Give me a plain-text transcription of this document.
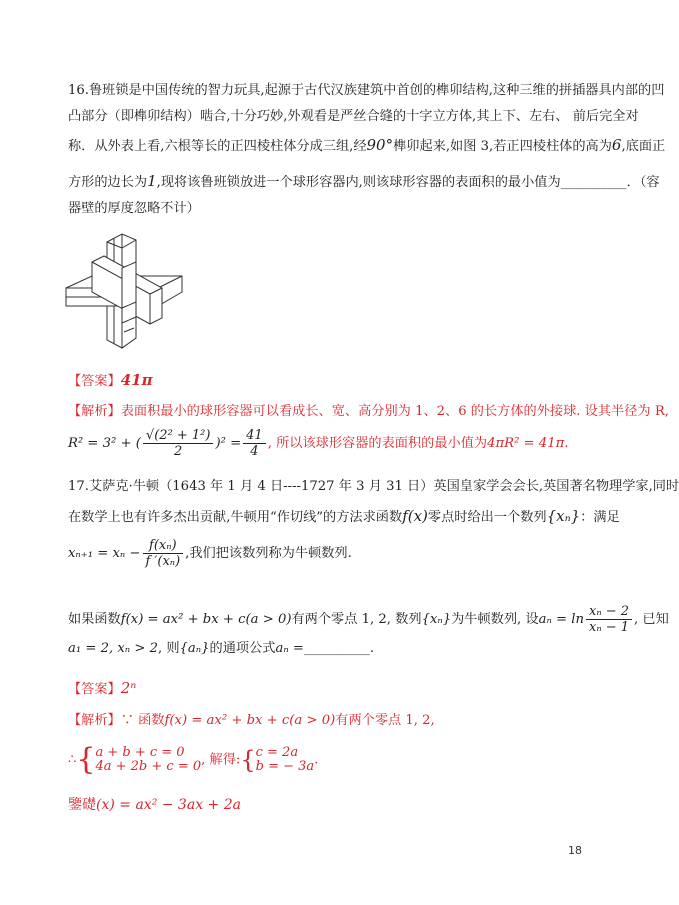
16.鲁班锁是中国传统的智力玩具,起源于古代汉族建筑中首创的榫卯结构,这种三维的拼插器具内部的凹
凸部分（即榫卯结构）啮合,十分巧妙,外观看是严丝合缝的十字立方体,其上下、左右、 前后完全对
称．从外表上看,六根等长的正四棱柱体分成三组,经90°榫卯起来,如图 3,若正四棱柱体的高为6,底面正
方形的边长为1,现将该鲁班锁放进一个球形容器内,则该球形容器的表面积的最小值为__________．（容
器壁的厚度忽略不计）
【答案】41π
【解析】表面积最小的球形容器可以看成长、宽、高分别为 1、2、6 的长方体的外接球. 设其半径为 R,
R² = 3² + ( $\frac{\text{√(2² + 1²)}}{2} )^2 = \frac{41}{4}$ , 所以该球形容器的表面积的最小值为4πR² = 41π.
17.艾萨克·牛顿（1643 年 1 月 4 日----1727 年 3 月 31 日）英国皇家学会会长,英国著名物理学家,同时
在数学上也有许多杰出贡献,牛顿用“作切线”的方法求函数f(x)零点时给出一个数列{xₙ}：满足
$x_{n+1} = x_n - \frac{\text{f(xₙ)}}{\text{f ′(xₙ)}}$ ,我们把该数列称为牛顿数列.
如果函数f(x) = ax² + bx + c(a > 0)有两个零点 1, 2, 数列{xₙ}为牛顿数列, 设$a_n = \ln \frac{\text{xₙ − 2}}{\text{xₙ − 1}}$ , 已知
a₁ = 2, xₙ > 2, 则{aₙ}的通项公式aₙ =__________.
【答案】2ⁿ
【解析】∵ 函数f(x) = ax² + bx + c(a > 0)有两个零点 1, 2,
∴{ a + b + c = 0
4a + 2b + c = 0 , 解得:{ c = 2a
b = − 3a .
鑒礎(x) = ax² − 3ax + 2a
18
